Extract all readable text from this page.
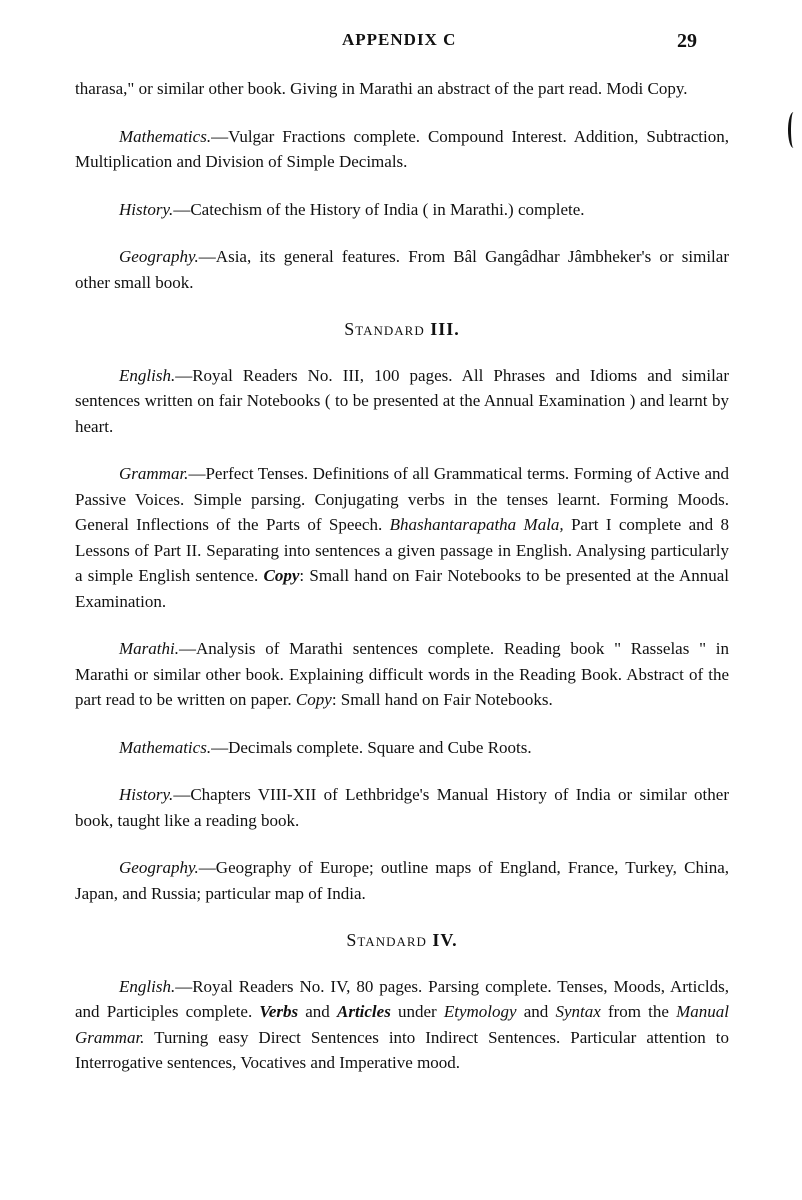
APPENDIX C	29

tharasa," or similar other book. Giving in Marathi an abstract of the part read. Modi Copy.

Mathematics.—Vulgar Fractions complete. Compound Interest. Addition, Subtraction, Multiplication and Division of Simple Decimals.

History.—Catechism of the History of India ( in Marathi.) complete.

Geography.—Asia, its general features. From Bâl Gangâdhar Jâmbheker's or similar other small book.

Standard III.

English.—Royal Readers No. III, 100 pages. All Phrases and Idioms and similar sentences written on fair Notebooks ( to be presented at the Annual Examination ) and learnt by heart.

Grammar.—Perfect Tenses. Definitions of all Grammatical terms. Forming of Active and Passive Voices. Simple parsing. Conjugating verbs in the tenses learnt. Forming Moods. General Inflections of the Parts of Speech. Bhashantarapatha Mala, Part I complete and 8 Lessons of Part II. Separating into sentences a given passage in English. Analysing particularly a simple English sentence. Copy: Small hand on Fair Notebooks to be presented at the Annual Examination.

Marathi.—Analysis of Marathi sentences complete. Reading book " Rasselas " in Marathi or similar other book. Explaining difficult words in the Reading Book. Abstract of the part read to be written on paper. Copy: Small hand on Fair Notebooks.

Mathematics.—Decimals complete. Square and Cube Roots.

History.—Chapters VIII-XII of Lethbridge's Manual History of India or similar other book, taught like a reading book.

Geography.—Geography of Europe; outline maps of England, France, Turkey, China, Japan, and Russia; particular map of India.

Standard IV.

English.—Royal Readers No. IV, 80 pages. Parsing complete. Tenses, Moods, Articlds, and Participles complete. Verbs and Articles under Etymology and Syntax from the Manual Grammar. Turning easy Direct Sentences into Indirect Sentences. Particular attention to Interrogative sentences, Vocatives and Imperative mood.
